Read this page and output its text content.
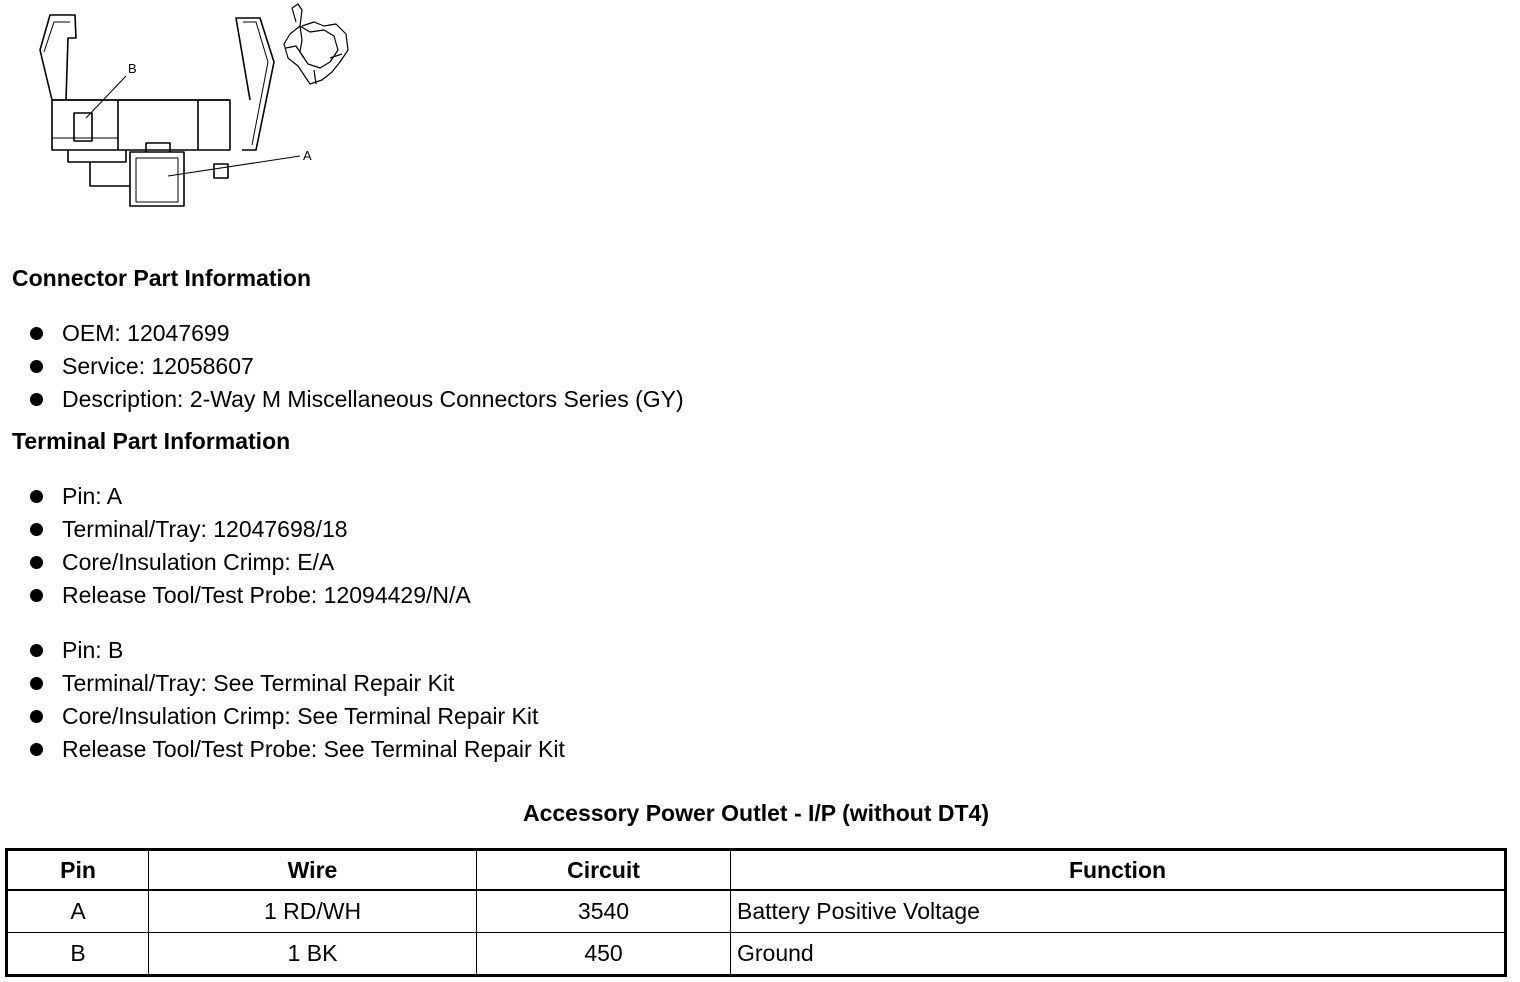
B
A
Connector Part Information
OEM: 12047699
Service: 12058607
Description: 2-Way M Miscellaneous Connectors Series (GY)
Terminal Part Information
Pin: A
Terminal/Tray: 12047698/18
Core/Insulation Crimp: E/A
Release Tool/Test Probe: 12094429/N/A
Pin: B
Terminal/Tray: See Terminal Repair Kit
Core/Insulation Crimp: See Terminal Repair Kit
Release Tool/Test Probe: See Terminal Repair Kit
Accessory Power Outlet - I/P (without DT4)
Pin	Wire	Circuit	Function
A	1 RD/WH	3540	Battery Positive Voltage
B	1 BK	450	Ground
